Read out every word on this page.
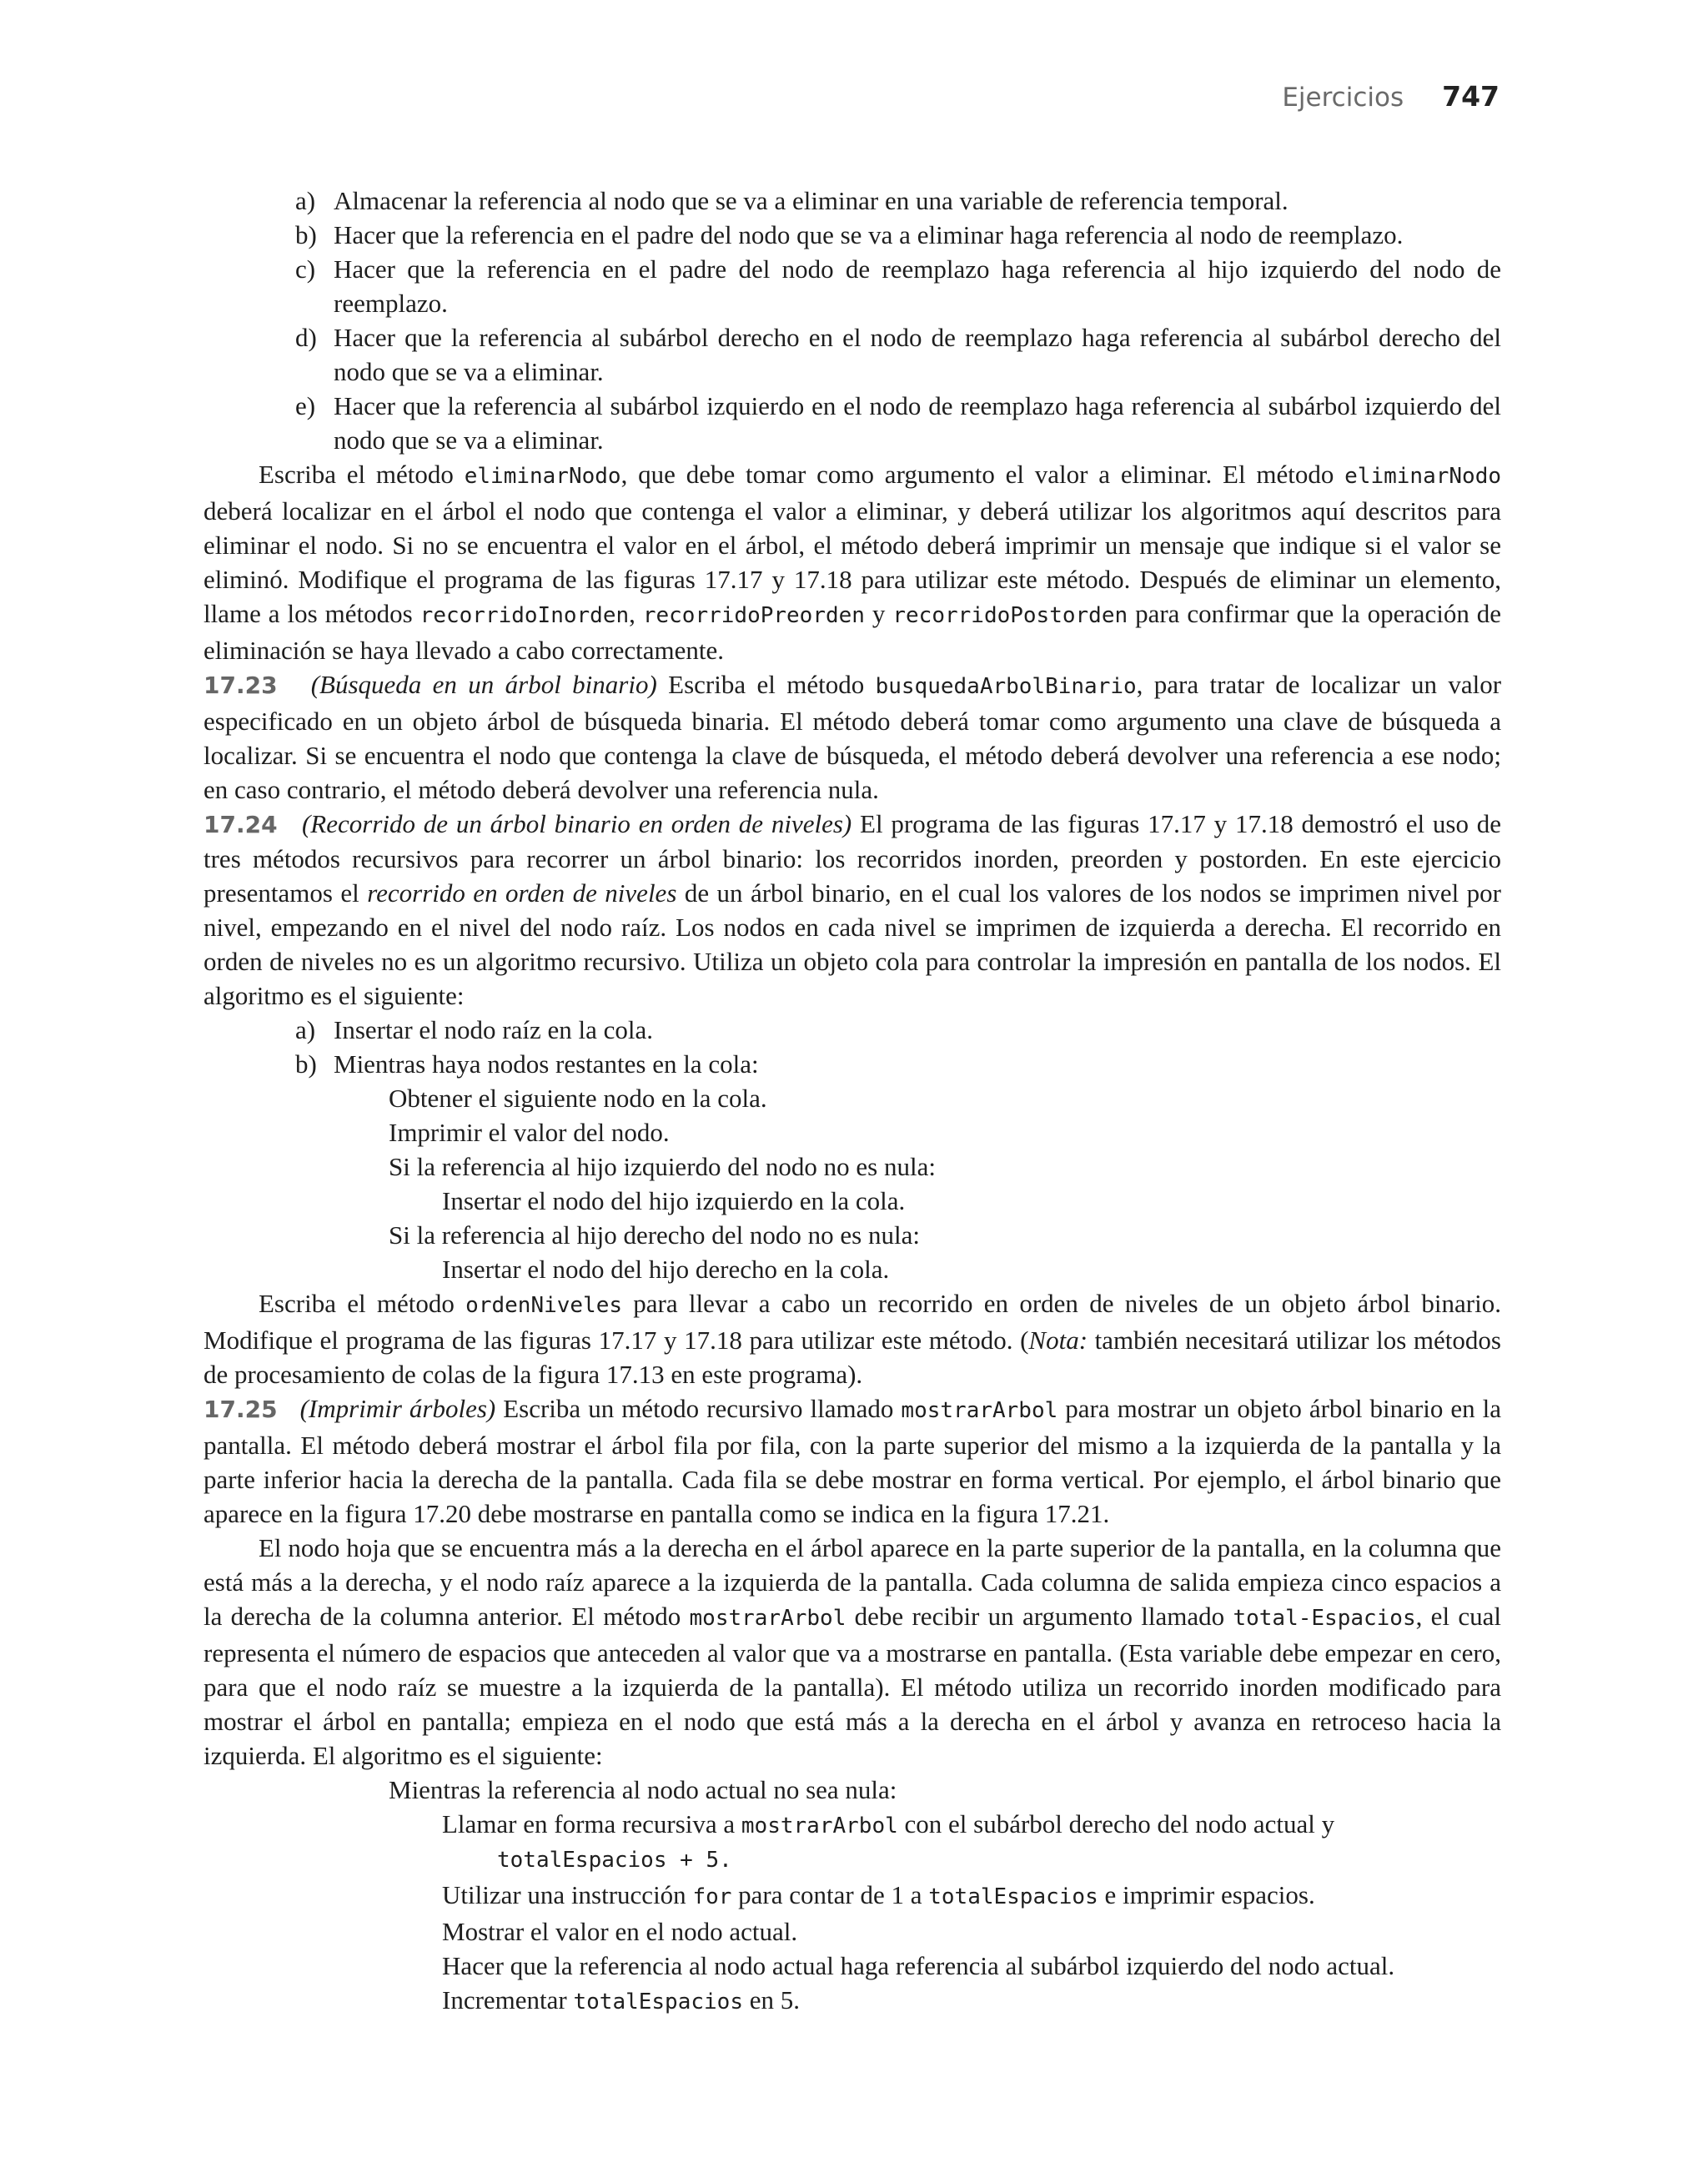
Ejercicios 747
a) Almacenar la referencia al nodo que se va a eliminar en una variable de referencia temporal.
b) Hacer que la referencia en el padre del nodo que se va a eliminar haga referencia al nodo de reemplazo.
c) Hacer que la referencia en el padre del nodo de reemplazo haga referencia al hijo izquierdo del nodo de reemplazo.
d) Hacer que la referencia al subárbol derecho en el nodo de reemplazo haga referencia al subárbol derecho del nodo que se va a eliminar.
e) Hacer que la referencia al subárbol izquierdo en el nodo de reemplazo haga referencia al subárbol izquierdo del nodo que se va a eliminar.

Escriba el método eliminarNodo, que debe tomar como argumento el valor a eliminar. El método eliminarNodo deberá localizar en el árbol el nodo que contenga el valor a eliminar, y deberá utilizar los algoritmos aquí descritos para eliminar el nodo. Si no se encuentra el valor en el árbol, el método deberá imprimir un mensaje que indique si el valor se eliminó. Modifique el programa de las figuras 17.17 y 17.18 para utilizar este método. Después de eliminar un elemento, llame a los métodos recorridoInorden, recorridoPreorden y recorridoPostorden para confirmar que la operación de eliminación se haya llevado a cabo correctamente.

17.23 (Búsqueda en un árbol binario) Escriba el método busquedaArbolBinario, para tratar de localizar un valor especificado en un objeto árbol de búsqueda binaria. El método deberá tomar como argumento una clave de búsqueda a localizar. Si se encuentra el nodo que contenga la clave de búsqueda, el método deberá devolver una referencia a ese nodo; en caso contrario, el método deberá devolver una referencia nula.

17.24 (Recorrido de un árbol binario en orden de niveles) El programa de las figuras 17.17 y 17.18 demostró el uso de tres métodos recursivos para recorrer un árbol binario: los recorridos inorden, preorden y postorden. En este ejercicio presentamos el recorrido en orden de niveles de un árbol binario, en el cual los valores de los nodos se imprimen nivel por nivel, empezando en el nivel del nodo raíz. Los nodos en cada nivel se imprimen de izquierda a derecha. El recorrido en orden de niveles no es un algoritmo recursivo. Utiliza un objeto cola para controlar la impresión en pantalla de los nodos. El algoritmo es el siguiente:

a) Insertar el nodo raíz en la cola.
b) Mientras haya nodos restantes en la cola:
Obtener el siguiente nodo en la cola.
Imprimir el valor del nodo.
Si la referencia al hijo izquierdo del nodo no es nula:
Insertar el nodo del hijo izquierdo en la cola.
Si la referencia al hijo derecho del nodo no es nula:
Insertar el nodo del hijo derecho en la cola.

Escriba el método ordenNiveles para llevar a cabo un recorrido en orden de niveles de un objeto árbol binario. Modifique el programa de las figuras 17.17 y 17.18 para utilizar este método. (Nota: también necesitará utilizar los métodos de procesamiento de colas de la figura 17.13 en este programa).

17.25 (Imprimir árboles) Escriba un método recursivo llamado mostrarArbol para mostrar un objeto árbol binario en la pantalla. El método deberá mostrar el árbol fila por fila, con la parte superior del mismo a la izquierda de la pantalla y la parte inferior hacia la derecha de la pantalla. Cada fila se debe mostrar en forma vertical. Por ejemplo, el árbol binario que aparece en la figura 17.20 debe mostrarse en pantalla como se indica en la figura 17.21.

El nodo hoja que se encuentra más a la derecha en el árbol aparece en la parte superior de la pantalla, en la columna que está más a la derecha, y el nodo raíz aparece a la izquierda de la pantalla. Cada columna de salida empieza cinco espacios a la derecha de la columna anterior. El método mostrarArbol debe recibir un argumento llamado total-Espacios, el cual representa el número de espacios que anteceden al valor que va a mostrarse en pantalla. (Esta variable debe empezar en cero, para que el nodo raíz se muestre a la izquierda de la pantalla). El método utiliza un recorrido inorden modificado para mostrar el árbol en pantalla; empieza en el nodo que está más a la derecha en el árbol y avanza en retroceso hacia la izquierda. El algoritmo es el siguiente:

Mientras la referencia al nodo actual no sea nula:
Llamar en forma recursiva a mostrarArbol con el subárbol derecho del nodo actual y
totalEspacios + 5.
Utilizar una instrucción for para contar de 1 a totalEspacios e imprimir espacios.
Mostrar el valor en el nodo actual.
Hacer que la referencia al nodo actual haga referencia al subárbol izquierdo del nodo actual.
Incrementar totalEspacios en 5.
